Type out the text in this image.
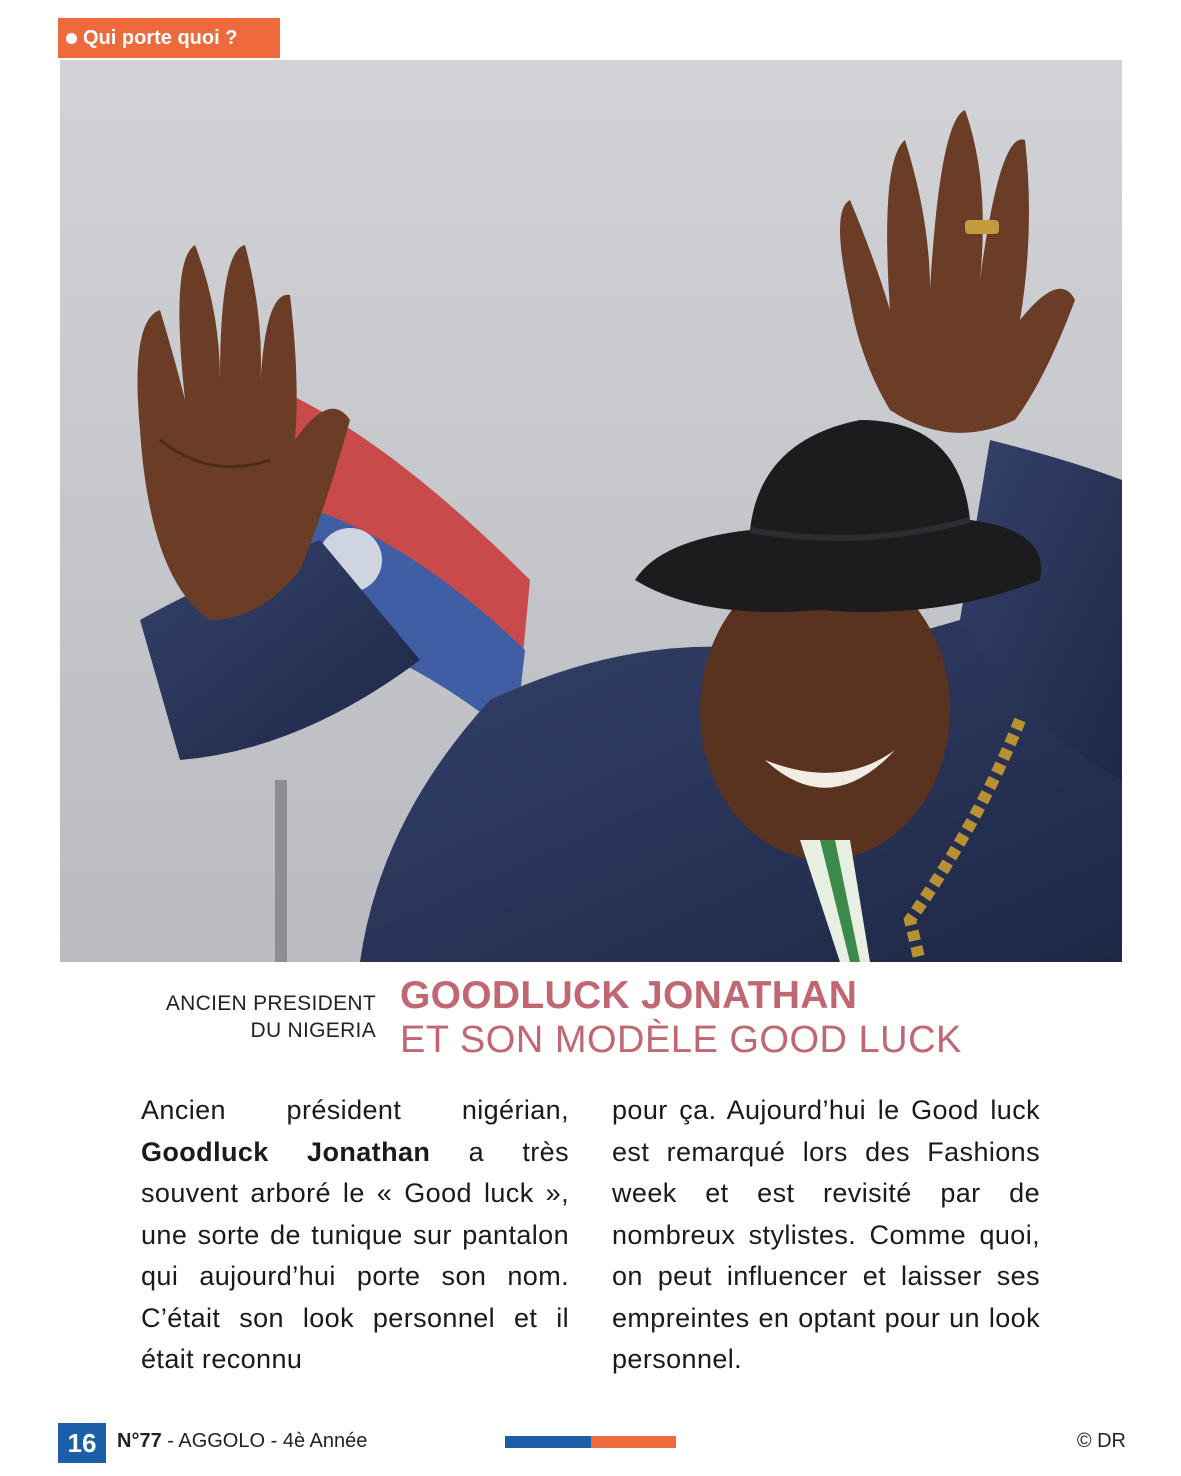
Qui porte quoi ?
ANCIEN PRESIDENT
DU NIGERIA
GOODLUCK JONATHAN
ET SON MODÈLE GOOD LUCK
Ancien président nigérian, Goodluck Jonathan a très souvent arboré le « Good luck », une sorte de tunique sur pantalon qui aujourd’hui porte son nom. C’était son look personnel et il était reconnu
pour ça. Aujourd’hui le Good luck est remarqué lors des Fashions week et est revisité par de nombreux stylistes. Comme quoi, on peut influencer et laisser ses empreintes en optant pour un look personnel.
16	N°77 - AGGOLO - 4è Année	© DR
